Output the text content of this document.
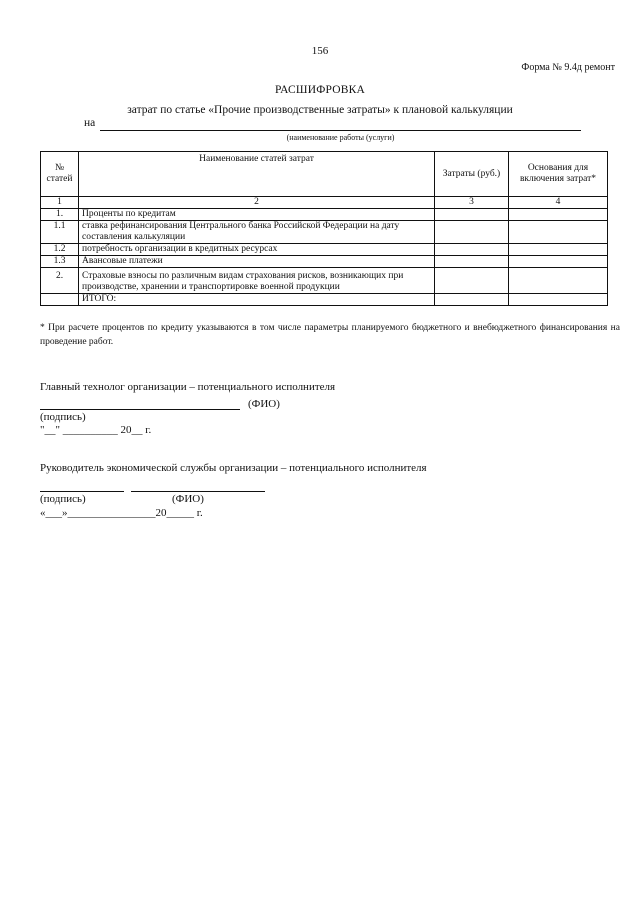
156
Форма № 9.4д ремонт
РАСШИФРОВКА
затрат по статье «Прочие производственные затраты» к плановой калькуляции
на
(наименование работы (услуги)
№ статей	Наименование статей затрат	Затраты (руб.)	Основания для включения затрат*
1	2	3	4
1.	Проценты по кредитам		
1.1	ставка рефинансирования Центрального банка Российской Федерации на дату составления калькуляции		
1.2	потребность организации в кредитных ресурсах		
1.3	Авансовые платежи		
2.	Страховые взносы по различным видам страхования рисков, возникающих при производстве, хранении и транспортировке военной продукции		
	ИТОГО:		
* При расчете процентов по кредиту указываются в том числе параметры планируемого бюджетного и внебюджетного финансирования на проведение работ.
Главный технолог организации – потенциального исполнителя
(ФИО)
(подпись)
"__" __________ 20__ г.
Руководитель экономической службы организации – потенциального исполнителя
(подпись)	(ФИО)
«___»________________20_____ г.
